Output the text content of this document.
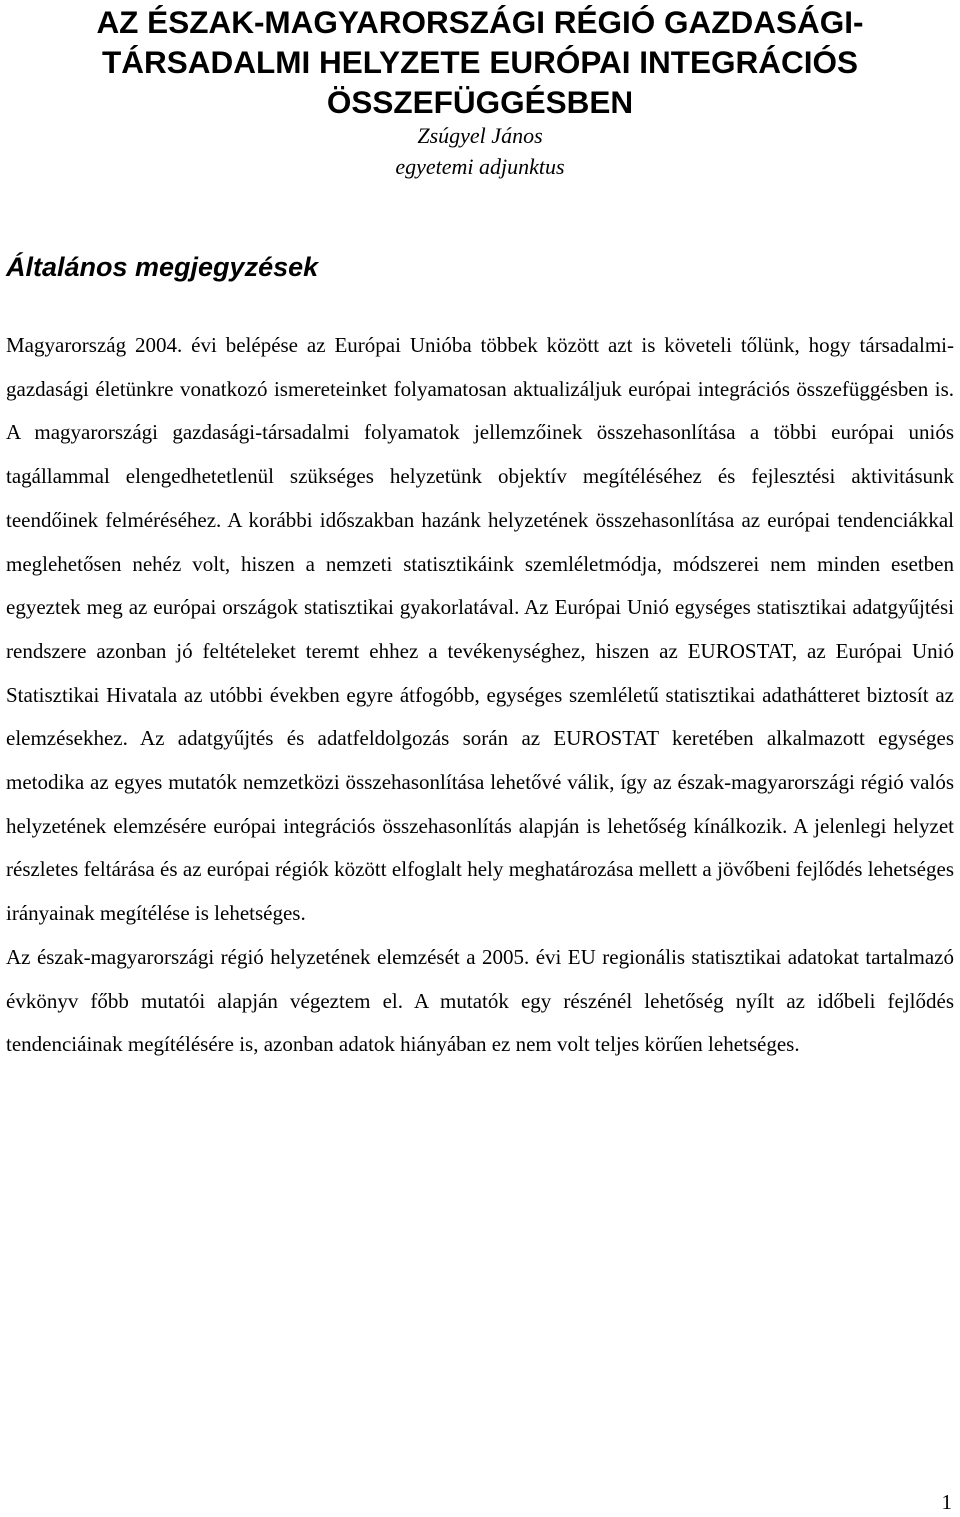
AZ ÉSZAK-MAGYARORSZÁGI RÉGIÓ GAZDASÁGI-
TÁRSADALMI HELYZETE EURÓPAI INTEGRÁCIÓS
ÖSSZEFÜGGÉSBEN
Zsúgyel János
egyetemi adjunktus
Általános megjegyzések

Magyarország 2004. évi belépése az Európai Unióba többek között azt is követeli tőlünk, hogy társadalmi-gazdasági életünkre vonatkozó ismereteinket folyamatosan aktualizáljuk európai integrációs összefüggésben is. A magyarországi gazdasági-társadalmi folyamatok jellemzőinek összehasonlítása a többi európai uniós tagállammal elengedhetetlenül szükséges helyzetünk objektív megítéléséhez és fejlesztési aktivitásunk teendőinek felméréséhez. A korábbi időszakban hazánk helyzetének összehasonlítása az európai tendenciákkal meglehetősen nehéz volt, hiszen a nemzeti statisztikáink szemléletmódja, módszerei nem minden esetben egyeztek meg az európai országok statisztikai gyakorlatával. Az Európai Unió egységes statisztikai adatgyűjtési rendszere azonban jó feltételeket teremt ehhez a tevékenységhez, hiszen az EUROSTAT, az Európai Unió Statisztikai Hivatala az utóbbi években egyre átfogóbb, egységes szemléletű statisztikai adathátteret biztosít az elemzésekhez. Az adatgyűjtés és adatfeldolgozás során az EUROSTAT keretében alkalmazott egységes metodika az egyes mutatók nemzetközi összehasonlítása lehetővé válik, így az észak-magyarországi régió valós helyzetének elemzésére európai integrációs összehasonlítás alapján is lehetőség kínálkozik. A jelenlegi helyzet részletes feltárása és az európai régiók között elfoglalt hely meghatározása mellett a jövőbeni fejlődés lehetséges irányainak megítélése is lehetséges.

Az észak-magyarországi régió helyzetének elemzését a 2005. évi EU regionális statisztikai adatokat tartalmazó évkönyv főbb mutatói alapján végeztem el. A mutatók egy részénél lehetőség nyílt az időbeli fejlődés tendenciáinak megítélésére is, azonban adatok hiányában ez nem volt teljes körűen lehetséges.

1
